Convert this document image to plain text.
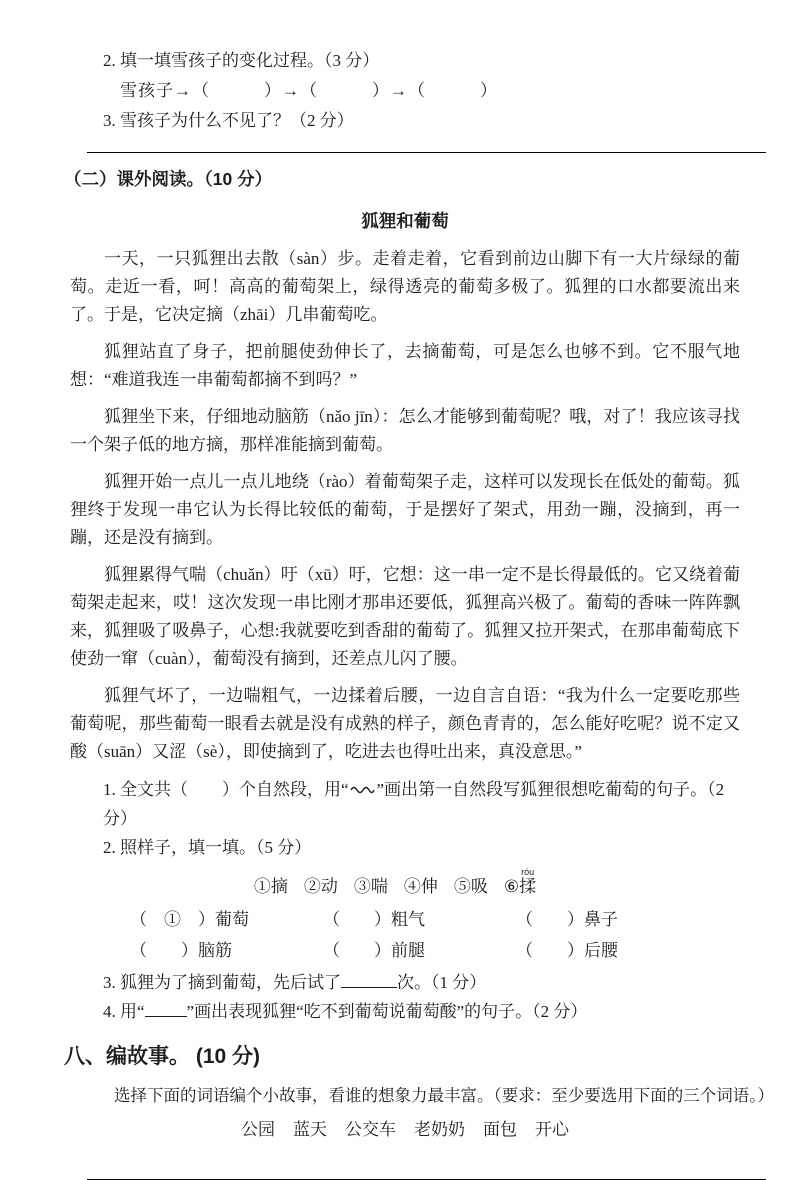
2. 填一填雪孩子的变化过程。（3 分）

雪孩子→（　　　）→（　　　）→（　　　）

3. 雪孩子为什么不见了？（2 分）

（二）课外阅读。（10 分）
狐狸和葡萄

一天，一只狐狸出去散（sàn）步。走着走着，它看到前边山脚下有一大片绿绿的葡萄。走近一看，呵！高高的葡萄架上，绿得透亮的葡萄多极了。狐狸的口水都要流出来了。于是，它决定摘（zhāi）几串葡萄吃。

狐狸站直了身子，把前腿使劲伸长了，去摘葡萄，可是怎么也够不到。它不服气地想：“难道我连一串葡萄都摘不到吗？”

狐狸坐下来，仔细地动脑筋（nǎo jīn）：怎么才能够到葡萄呢？哦，对了！我应该寻找一个架子低的地方摘，那样准能摘到葡萄。

狐狸开始一点儿一点儿地绕（rào）着葡萄架子走，这样可以发现长在低处的葡萄。狐狸终于发现一串它认为长得比较低的葡萄，于是摆好了架式，用劲一蹦，没摘到，再一蹦，还是没有摘到。

狐狸累得气喘（chuǎn）吁（xū）吁，它想：这一串一定不是长得最低的。它又绕着葡萄架走起来，哎！这次发现一串比刚才那串还要低，狐狸高兴极了。葡萄的香味一阵阵飘来，狐狸吸了吸鼻子，心想:我就要吃到香甜的葡萄了。狐狸又拉开架式，在那串葡萄底下使劲一窜（cuàn），葡萄没有摘到，还差点儿闪了腰。

狐狸气坏了，一边喘粗气，一边揉着后腰，一边自言自语：“我为什么一定要吃那些葡萄呢，那些葡萄一眼看去就是没有成熟的样子，颜色青青的，怎么能好吃呢？说不定又酸（suān）又涩（sè），即使摘到了，吃进去也得吐出来，真没意思。”

1. 全文共（　　）个自然段，用“ ”画出第一自然段写狐狸很想吃葡萄的句子。（2 分）

2. 照样子，填一填。（5 分）

①摘 ②动 ③喘 ④伸 ⑤吸 ⑥揉róu
（　①　）葡萄	（　　）粗气	（　　）鼻子
（　　）脑筋	（　　）前腿	（　　）后腰

3. 狐狸为了摘到葡萄，先后试了	次。（1 分）

4. 用“ ”画出表现狐狸“吃不到葡萄说葡萄酸”的句子。（2 分）

八、编故事。 (10 分)

选择下面的词语编个小故事，看谁的想象力最丰富。（要求：至少要选用下面的三个词语。）

公园 蓝天 公交车 老奶奶 面包 开心
